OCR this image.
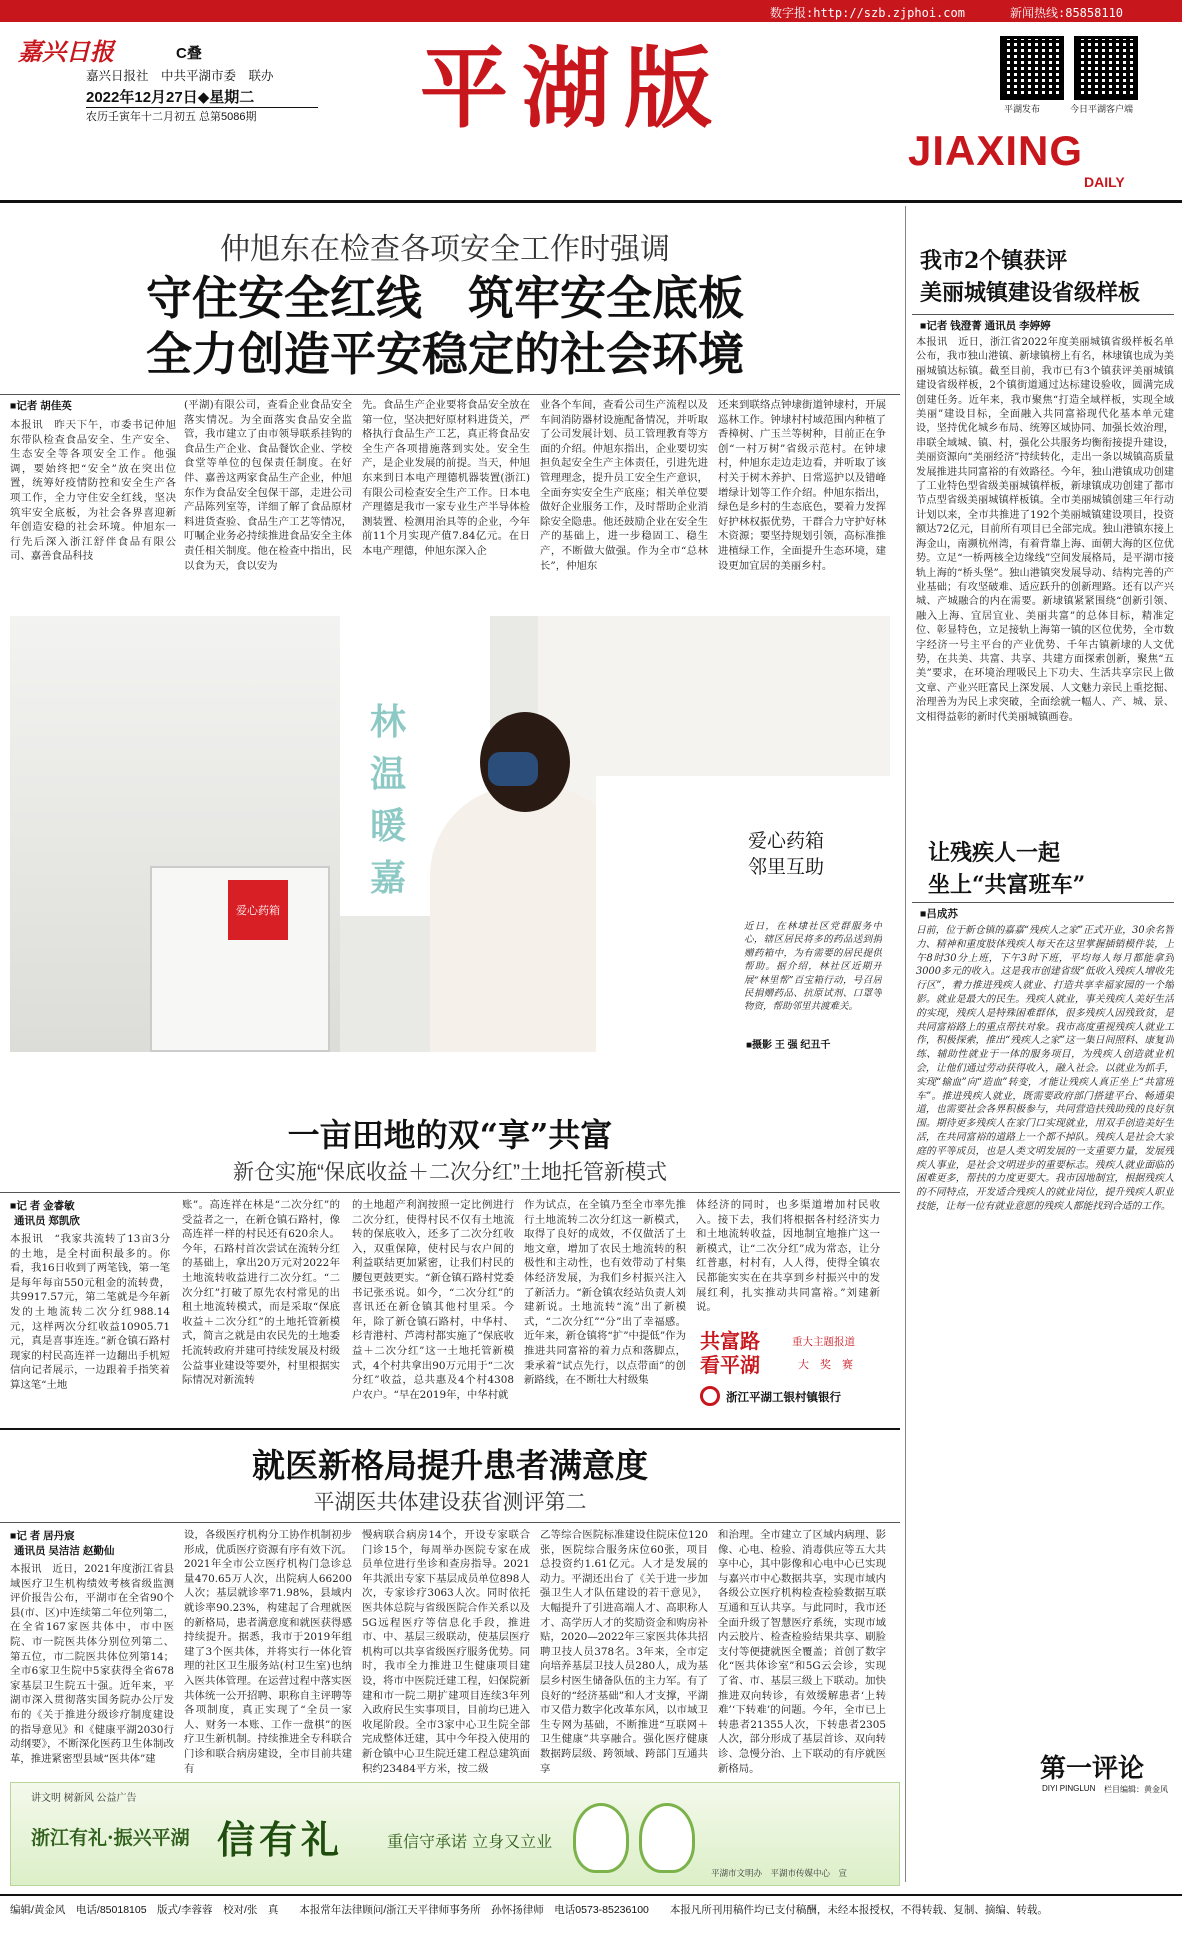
数字报:http://szb.zjphoi.com	新闻热线:85858110
嘉兴日报	C叠
嘉兴日报社　中共平湖市委　联办
2022年12月27日◆星期二
农历壬寅年十二月初五 总第5086期 平湖版	平湖发布	今日平湖客户端
JIAXING
DAILY
仲旭东在检查各项安全工作时强调
守住安全红线　筑牢安全底板
全力创造平安稳定的社会环境
■记者 胡佳英
本报讯　昨天下午，市委书记仲旭东带队检查食品安全、生产安全、生态安全等各项安全工作。他强调，要始终把“安全”放在突出位置，统筹好疫情防控和安全生产各项工作，全力守住安全红线，坚决筑牢安全底板，为社会各界喜迎新年创造安稳的社会环境。仲旭东一行先后深入浙江舒伴食品有限公司、嘉善食品科技
(平湖)有限公司，查看企业食品安全落实情况。为全面落实食品安全监管，我市建立了由市领导联系挂钩的食品生产企业、食品餐饮企业、学校食堂等单位的包保责任制度。在好伴、嘉善这两家食品生产企业，仲旭东作为食品安全包保干部，走进公司产品陈列室等，详细了解了食品原材料进货查验、食品生产工艺等情况，叮嘱企业务必持续推进食品安全主体责任相关制度。他在检查中指出，民以食为天，食以安为
先。食品生产企业要将食品安全放在第一位，坚决把好原材料进货关，严格执行食品生产工艺，真正将食品安全生产各项措施落到实处。安全生产，是企业发展的前提。当天，仲旭东来到日本电产理德机器装置(浙江)有限公司检查安全生产工作。日本电产理德是我市一家专业生产半导体检测装置、检测用治具等的企业，今年前11个月实现产值7.84亿元。在日本电产理德，仲旭东深入企
业各个车间，查看公司生产流程以及车间消防器材设施配备情况，并听取了公司发展计划、员工管理教育等方面的介绍。仲旭东指出，企业要切实担负起安全生产主体责任，引进先进管理理念，提升员工安全生产意识，全面夯实安全生产底座；相关单位要做好企业服务工作，及时帮助企业消除安全隐患。他还鼓励企业在安全生产的基础上，进一步稳固工、稳生产，不断做大做强。作为全市“总林长”，仲旭东
还来到联络点钟埭街道钟埭村，开展巡林工作。钟埭村村域范围内种植了香樟树、广玉兰等树种，目前正在争创“一村万树”省级示范村。在钟埭村，仲旭东走边走边看，并听取了该村关于树木养护、日常巡护以及错峰增绿计划等工作介绍。仲旭东指出，绿色是乡村的生态底色，要着力发挥好护林权振优势，干群合力守护好林木资源；要坚持规划引领，高标准推进植绿工作，全面提升生态环境，建设更加宜居的美丽乡村。
林温暖嘉
爱心药箱
爱心药箱
邻里互助
近日，在林埭社区党群服务中心，辖区居民将多的药品送到捐赠药箱中，为有需要的居民提供帮助。据介绍，林社区近期开展“林里帮”百宝箱行动，号召居民捐赠药品、抗原试剂、口罩等物资，帮助邻里共渡难关。
■摄影 王 强 纪丑千
一亩田地的双“享”共富
新仓实施“保底收益＋二次分红”土地托管新模式
■记 者 金睿敏
通讯员 郑凯欣
本报讯　“我家共流转了13亩3分的土地，是全村面积最多的。你看，我16日收到了两笔钱，第一笔是每年每亩550元租金的流转费，共9917.57元，第二笔就是今年新发的土地流转二次分红988.14元，这样两次分红收益10905.71元，真是喜事连连。”新仓镇石路村现家的村民高连祥一边翻出手机短信向记者展示，一边跟着手指笑着算这笔“土地
账”。高连祥在林是“二次分红”的受益者之一，在新仓镇石路村，像高连祥一样的村民还有620余人。今年，石路村首次尝试在流转分红的基础上，拿出20万元对2022年土地流转收益进行二次分红。“二次分红”打破了原先农村常见的出租土地流转模式，而是采取“保底收益＋二次分红”的土地托管新模式，简言之就是由农民先的土地委托流转政府并建可持续发展及村级公益事业建设等要外，村里根据实际情况对新流转
的土地超产利润按照一定比例进行二次分红，使得村民不仅有土地流转的保底收入，还多了二次分红收入，双重保障，使村民与农户间的利益联结更加紧密，让我们村民的腰包更鼓更实。“新仓镇石路村党委书记张丞说。如今，“二次分红”的喜讯还在新仓镇其他村里采。今年，除了新仓镇石路村，中华村、杉青港村、芦湾村都实施了“保底收益＋二次分红”这一土地托管新模式，4个村共拿出90万元用于“二次分红”收益，总共惠及4个村4308户农户。“早在2019年，中华村就
作为试点，在全镇乃至全市率先推行土地流转二次分红这一新模式，取得了良好的成效，不仅做活了土地文章，增加了农民土地流转的积极性和主动性，也有效带动了村集体经济发展，为我们乡村振兴注入了新活力。“新仓镇农经站负责人刘建新说。土地流转“流”出了新模式，“二次分红”“分”出了幸福感。近年来，新仓镇将“扩”中提低”作为推进共同富裕的着力点和落脚点，秉承着“试点先行，以点带面”的创新路线，在不断壮大村级集
体经济的同时，也多渠道增加村民收入。接下去，我们将根据各村经济实力和土地流转收益，因地制宜地推广这一新模式，让“二次分红”成为常态，让分红普惠，村村有，人人得，使得全镇农民都能实实在在共享到乡村振兴中的发展红利，扎实推动共同富裕。”刘建新说。
共富路
看平湖
重大主题报道
大　奖　赛
浙江平湖工银村镇银行
就医新格局提升患者满意度
平湖医共体建设获省测评第二
■记 者 居丹宸
通讯员 吴洁洁 赵勤仙
本报讯　近日，2021年度浙江省县域医疗卫生机构绩效考核省级监测评价报告公布，平湖市在全省90个县(市、区)中连续第二年位列第二，在全省167家医共体中，市中医院、市一院医共体分别位列第二、第五位，市二院医共体位列第14；全市6家卫生院中5家获得全省678家基层卫生院五十强。近年来，平湖市深入贯彻落实国务院办公厅发布的《关于推进分级诊疗制度建设的指导意见》和《健康平湖2030行动纲要》，不断深化医药卫生体制改革，推进紧密型县域“医共体”建
设，各级医疗机构分工协作机制初步形成，优质医疗资源有序有效下沉。2021年全市公立医疗机构门急诊总量470.65万人次，出院病人66200人次；基层就诊率71.98%，县域内就诊率90.23%，构建起了合理就医的新格局，患者满意度和就医获得感持续提升。据悉，我市于2019年组建了3个医共体，并将实行一体化管理的社区卫生服务站(村卫生室)也纳入医共体管理。在运营过程中落实医共体统一公开招聘、职称自主评聘等各项制度，真正实现了“全员一家人、财务一本账、工作一盘棋”的医疗卫生新机制。持续推进全专科联合门诊和联合病房建设，全市目前共建有
慢病联合病房14个，开设专家联合门诊15个，每周举办医院专家在成员单位进行坐诊和查房指导。2021年共派出专家下基层成员单位898人次，专家诊疗3063人次。同时依托医共体总院与省级医院合作关系以及5G远程医疗等信息化手段，推进市、中、基层三级联动，使基层医疗机构可以共享省级医疗服务优势。同时，我市全力推进卫生健康项目建设，将市中医院迁建工程，妇保院新建和市一院二期扩建项目连续3年列入政府民生实事项目，目前均已进入收尾阶段。全市3家中心卫生院全部完成整体迁建，其中今年投入使用的新仓镇中心卫生院迁建工程总建筑面积约23484平方米，按二级
乙等综合医院标准建设住院床位120张，医院综合服务床位60张，项目总投资约1.61亿元。人才是发展的动力。平湖还出台了《关于进一步加强卫生人才队伍建设的若干意见》，大幅提升了引进高端人才、高职称人才、高学历人才的奖励资金和购房补贴，2020—2022年三家医共体共招聘卫技人员378名。3年来，全市定向培养基层卫技人员280人，成为基层乡村医生储备队伍的主力军。有了良好的“经济基础”和人才支撑，平湖市又借力数字化改革东风，以市域卫生专网为基础，不断推进“互联网＋卫生健康”共享融合。强化医疗健康数据跨层级、跨领域、跨部门互通共享
和治理。全市建立了区域内病理、影像、心电、检验、消毒供应等五大共享中心，其中影像和心电中心已实现与嘉兴市中心数据共享，实现市域内各级公立医疗机构检查检验数据互联互通和互认共享。与此同时，我市还全面升级了智慧医疗系统，实现市域内云胶片、检查检验结果共享、刷脸支付等便捷就医全覆盖；首创了数字化“医共体诊室”和5G云会诊，实现了省、市、基层三级上下联动。加快推进双向转诊，有效缓解患者‘上转难’‘下转难’的问题。今年，全市已上转患者21355人次，下转患者2305人次，部分形成了基层首诊、双向转诊、急慢分治、上下联动的有序就医新格局。
我市2个镇获评
美丽城镇建设省级样板
■记者 钱澄菁 通讯员 李婷婷
本报讯　近日，浙江省2022年度美丽城镇省级样板名单公布，我市独山港镇、新埭镇榜上有名，林埭镇也成为美丽城镇达标镇。截至目前，我市已有3个镇获评美丽城镇建设省级样板，2个镇街道通过达标建设验收，圆满完成创建任务。近年来，我市聚焦“打造全域样板，实现全域美丽”建设目标，全面融入共同富裕现代化基本单元建设，坚持优化城乡布局、统筹区域协同、加强长效治理，串联全域城、镇、村，强化公共服务均衡衔接提升建设，美丽资源向“美丽经济”持续转化，走出一条以城镇高质量发展推进共同富裕的有效路径。今年，独山港镇成功创建了工业特色型省级美丽城镇样板，新埭镇成功创建了都市节点型省级美丽城镇样板镇。全市美丽城镇创建三年行动计划以来，全市共推进了192个美丽城镇建设项目，投资额达72亿元，目前所有项目已全部完成。独山港镇东接上海金山，南濒杭州湾，有着背靠上海、面朝大海的区位优势。立足“一桥两核全边缘线”空间发展格局，是平湖市接轨上海的“桥头堡”。独山港镇突发展导动、结构完善的产业基础；有攻坚破难、适应跃升的创新理路。还有以产兴城、产城融合的内在需要。新埭镇紧紧围绕“创新引领、融入上海、宜居宜业、美丽共富”的总体目标，精准定位、彰显特色，立足接轨上海第一镇的区位优势，全市数字经济一号主平台的产业优势、千年古镇新埭的人文优势，在共美、共富、共享、共建方面探索创新，聚焦“五美”要求，在环境治理吸民上下功夫、生活共享宗民上做文章、产业兴旺富民上深发展、人文魅力亲民上重挖掘、治理善为为民上求突破，全面绘就一幅人、产、城、景、文相得益彰的新时代美丽城镇画卷。
让残疾人一起
坐上“共富班车”
■吕成苏
日前，位于新仓镇的嘉嘉“残疾人之家”正式开业，30余名智力、精神和重度肢体残疾人每天在这里掌握插销模件装，上午8时30分上班，下午3时下班，平均每人每月都能拿到3000多元的收入。这是我市创建省级“低收入残疾人增收先行区”，着力推进残疾人就业、打造共享幸福家园的一个缩影。就业是最大的民生。残疾人就业，事关残疾人美好生活的实现，残疾人是特殊困难群体，很多残疾人因残致贫，是共同富裕路上的重点帮扶对象。我市高度重视残疾人就业工作，积极探索，推出“残疾人之家”这一集日间照料、康复训练、辅助性就业于一体的服务项目，为残疾人创造就业机会，让他们通过劳动获得收入，融入社会。以就业为抓手，实现“输血”向“造血”转变，才能让残疾人真正坐上“共富班车”。推进残疾人就业，既需要政府部门搭建平台、畅通渠道，也需要社会各界积极参与，共同营造扶残助残的良好氛围。期待更多残疾人在家门口实现就业，用双手创造美好生活，在共同富裕的道路上一个都不掉队。残疾人是社会大家庭的平等成员，也是人类文明发展的一支重要力量，发展残疾人事业，是社会文明进步的重要标志。残疾人就业面临的困难更多，帮扶的力度更要大。我市因地制宜，根据残疾人的不同特点，开发适合残疾人的就业岗位，提升残疾人职业技能，让每一位有就业意愿的残疾人都能找到合适的工作。
第一评论
DIYI PINGLUN 栏目编辑：黄金风
讲文明 树新风 公益广告
浙江有礼·振兴平湖 信有礼	重信守承诺 立身又立业
平湖市文明办　平湖市传媒中心　宣
编辑/黄金风　电话/85018105　版式/李蓉蓉　校对/张　真　　本报常年法律顾问/浙江天平律师事务所　孙怀扬律师　电话0573-85236100　　本报凡所刊用稿件均已支付稿酬，未经本报授权，不得转载、复制、摘编、转载。
